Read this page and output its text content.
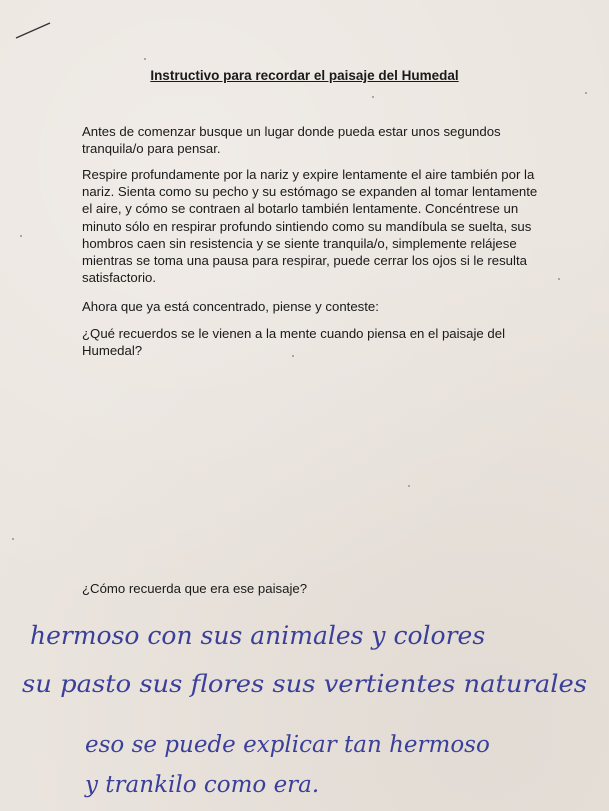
Instructivo para recordar el paisaje del Humedal

Antes de comenzar busque un lugar donde pueda estar unos segundos tranquila/o para pensar.

Respire profundamente por la nariz y expire lentamente el aire también por la nariz. Sienta como su pecho y su estómago se expanden al tomar lentamente el aire, y cómo se contraen al botarlo también lentamente. Concéntrese un minuto sólo en respirar profundo sintiendo como su mandíbula se suelta, sus hombros caen sin resistencia y se siente tranquila/o, simplemente relájese mientras se toma una pausa para respirar, puede cerrar los ojos si le resulta satisfactorio.

Ahora que ya está concentrado, piense y conteste:

¿Qué recuerdos se le vienen a la mente cuando piensa en el paisaje del Humedal?

¿Cómo recuerda que era ese paisaje?

hermoso con sus animales y colores
su pasto sus flores sus vertientes naturales
eso se puede explicar tan hermoso
y trankilo como era.
